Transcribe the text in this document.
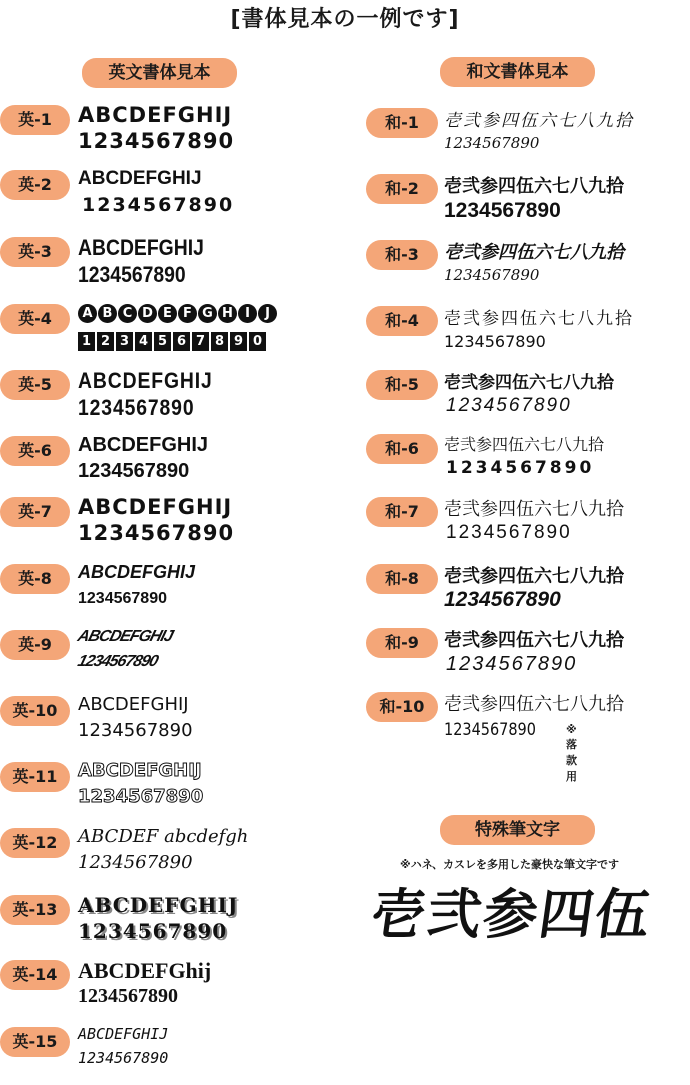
[書体見本の一例です]
英文書体見本
英-1	ABCDEFGHIJ
1234567890
英-2	ABCDEFGHIJ
1234567890
英-3	ABCDEFGHIJ
1234567890
英-4	A B C D E F G H I J
1 2 3 4 5 6 7 8 9 0
英-5	ABCDEFGHIJ
1234567890
英-6	ABCDEFGHIJ
1234567890
英-7	ABCDEFGHIJ
1234567890
英-8	ABCDEFGHIJ
1234567890
英-9	ABCDEFGHIJ
1234567890
英-10	ABCDEFGHIJ
1234567890
英-11	ABCDEFGHIJ
1234567890
英-12	ABCDEF abcdefgh
1234567890
英-13	ABCDEFGHIJ
1234567890
英-14 ABCDEFGhij
1234567890
英-15	ABCDEFGHIJ
1234567890
和文書体見本
和-1	壱弐参四伍六七八九拾
1234567890
和-2	壱弐参四伍六七八九拾
1234567890
和-3	壱弐参四伍六七八九拾
1234567890
和-4	壱弐参四伍六七八九拾
1234567890
和-5	壱弐参四伍六七八九拾
1234567890
和-6	壱弐参四伍六七八九拾
1234567890
和-7	壱弐参四伍六七八九拾
1234567890
和-8	壱弐参四伍六七八九拾
1234567890
和-9	壱弐参四伍六七八九拾
1234567890
和-10	壱弐参四伍六七八九拾
1234567890	※落款用
特殊筆文字
※ハネ、カスレを多用した豪快な筆文字です
壱弐参四伍
